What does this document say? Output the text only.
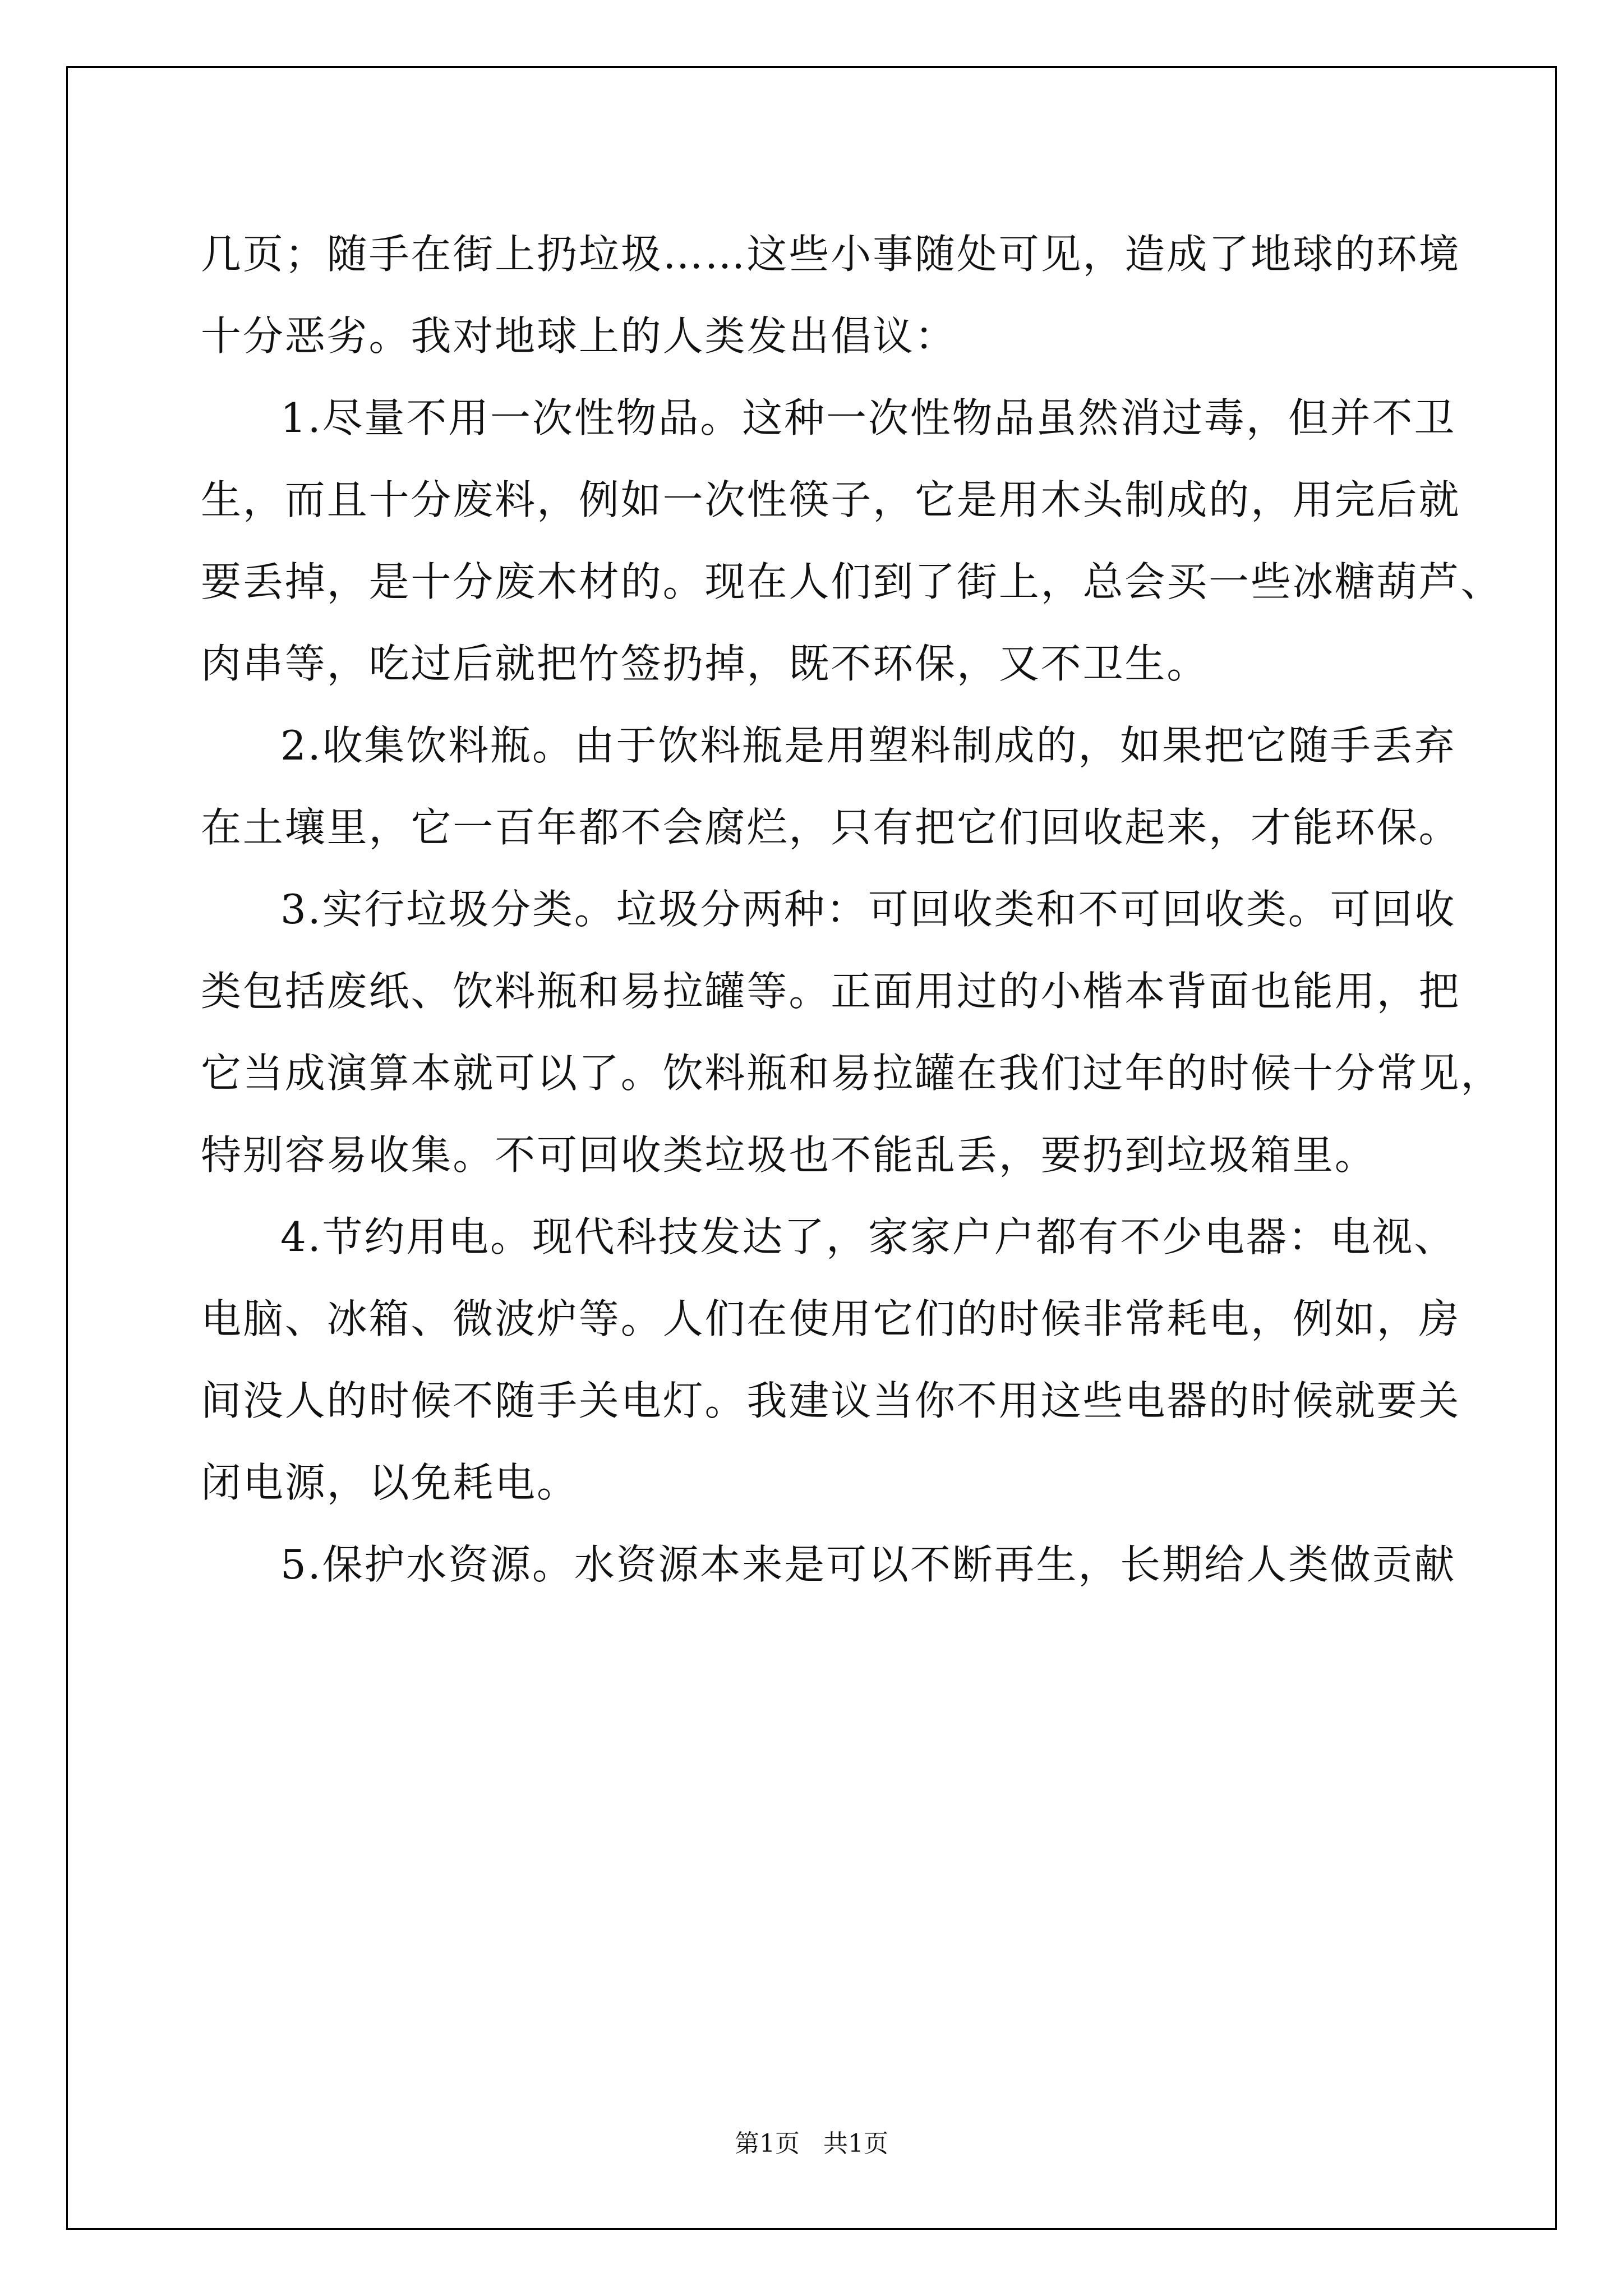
几页；随手在街上扔垃圾……这些小事随处可见，造成了地球的环境
十分恶劣。我对地球上的人类发出倡议：
1.尽量不用一次性物品。这种一次性物品虽然消过毒，但并不卫
生，而且十分废料，例如一次性筷子，它是用木头制成的，用完后就
要丢掉，是十分废木材的。现在人们到了街上，总会买一些冰糖葫芦、
肉串等，吃过后就把竹签扔掉，既不环保，又不卫生。
2.收集饮料瓶。由于饮料瓶是用塑料制成的，如果把它随手丢弃
在土壤里，它一百年都不会腐烂，只有把它们回收起来，才能环保。
3.实行垃圾分类。垃圾分两种：可回收类和不可回收类。可回收
类包括废纸、饮料瓶和易拉罐等。正面用过的小楷本背面也能用，把
它当成演算本就可以了。饮料瓶和易拉罐在我们过年的时候十分常见，
特别容易收集。不可回收类垃圾也不能乱丢，要扔到垃圾箱里。
4.节约用电。现代科技发达了，家家户户都有不少电器：电视、
电脑、冰箱、微波炉等。人们在使用它们的时候非常耗电，例如，房
间没人的时候不随手关电灯。我建议当你不用这些电器的时候就要关
闭电源，以免耗电。
5.保护水资源。水资源本来是可以不断再生，长期给人类做贡献
第1页 共1页
